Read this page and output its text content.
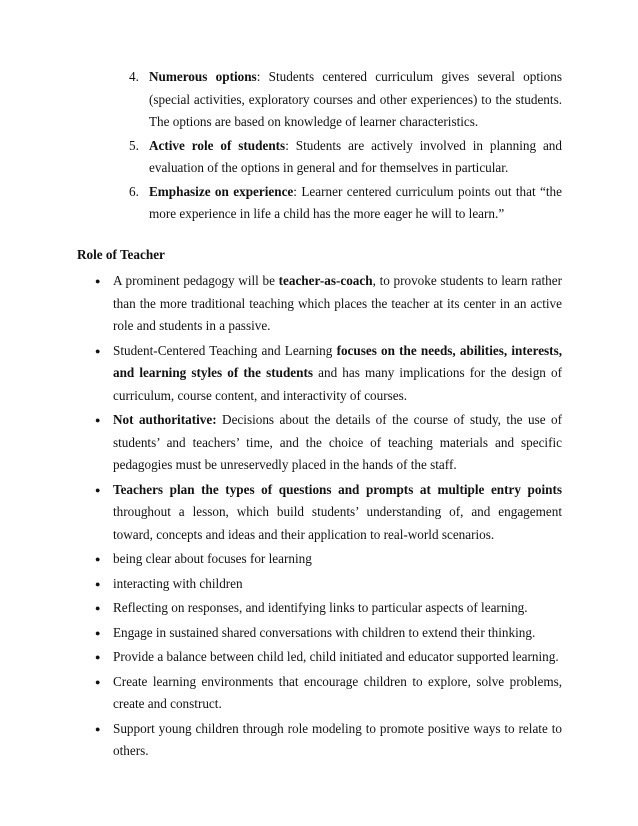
4. Numerous options: Students centered curriculum gives several options (special activities, exploratory courses and other experiences) to the students. The options are based on knowledge of learner characteristics.
5. Active role of students: Students are actively involved in planning and evaluation of the options in general and for themselves in particular.
6. Emphasize on experience: Learner centered curriculum points out that “the more experience in life a child has the more eager he will to learn.”
Role of Teacher
● A prominent pedagogy will be teacher-as-coach, to provoke students to learn rather than the more traditional teaching which places the teacher at its center in an active role and students in a passive.
● Student-Centered Teaching and Learning focuses on the needs, abilities, interests, and learning styles of the students and has many implications for the design of curriculum, course content, and interactivity of courses.
● Not authoritative: Decisions about the details of the course of study, the use of students’ and teachers’ time, and the choice of teaching materials and specific pedagogies must be unreservedly placed in the hands of the staff.
● Teachers plan the types of questions and prompts at multiple entry points throughout a lesson, which build students’ understanding of, and engagement toward, concepts and ideas and their application to real-world scenarios.
● being clear about focuses for learning
● interacting with children
● Reflecting on responses, and identifying links to particular aspects of learning.
● Engage in sustained shared conversations with children to extend their thinking.
● Provide a balance between child led, child initiated and educator supported learning.
● Create learning environments that encourage children to explore, solve problems, create and construct.
● Support young children through role modeling to promote positive ways to relate to others.
